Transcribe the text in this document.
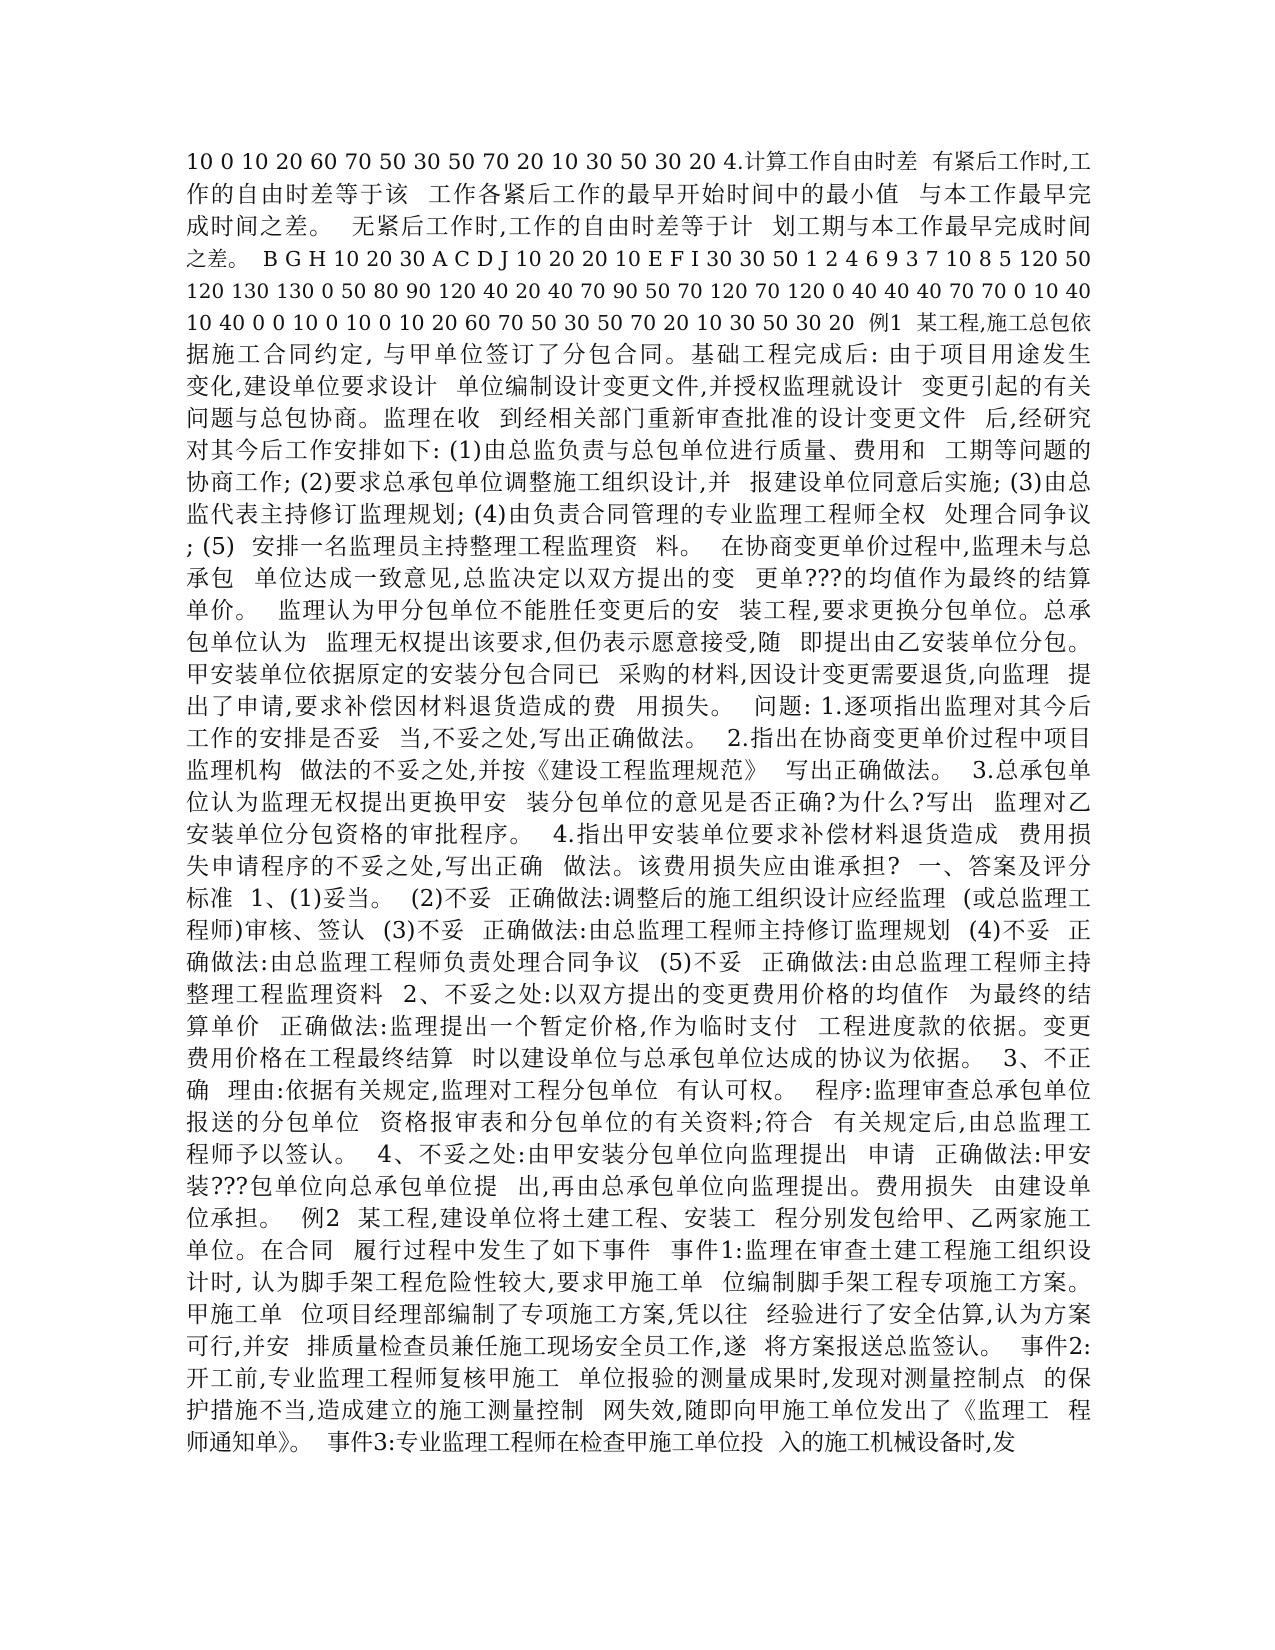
10 0 10 20 60 70 50 30 50 70 20 10 30 50 30 20 4.计算工作自由时差  有紧后工作时,工
作的自由时差等于该  工作各紧后工作的最早开始时间中的最小值  与本工作最早完
成时间之差。  无紧后工作时,工作的自由时差等于计  划工期与本工作最早完成时间
之差。  B G H 10 20 30 A C D J 10 20 20 10 E F I 30 30 50 1 2 4 6 9 3 7 10 8 5 120 50
120 130 130 0 50 80 90 120 40 20 40 70 90 50 70 120 70 120 0 40 40 40 70 70 0 10 40
10 40 0 0 10 0 10 0 10 20 60 70 50 30 50 70 20 10 30 50 30 20  例1  某工程,施工总包依
据施工合同约定, 与甲单位签订了分包合同。基础工程完成后: 由于项目用途发生
变化,建设单位要求设计  单位编制设计变更文件,并授权监理就设计  变更引起的有关
问题与总包协商。监理在收  到经相关部门重新审查批准的设计变更文件  后,经研究
对其今后工作安排如下: (1)由总监负责与总包单位进行质量、费用和  工期等问题的
协商工作; (2)要求总承包单位调整施工组织设计,并  报建设单位同意后实施; (3)由总
监代表主持修订监理规划; (4)由负责合同管理的专业监理工程师全权  处理合同争议
; (5)  安排一名监理员主持整理工程监理资  料。  在协商变更单价过程中,监理未与总
承包  单位达成一致意见,总监决定以双方提出的变  更单???的均值作为最终的结算
单价。  监理认为甲分包单位不能胜任变更后的安  装工程,要求更换分包单位。总承
包单位认为  监理无权提出该要求,但仍表示愿意接受,随  即提出由乙安装单位分包。
甲安装单位依据原定的安装分包合同已  采购的材料,因设计变更需要退货,向监理  提
出了申请,要求补偿因材料退货造成的费  用损失。  问题: 1.逐项指出监理对其今后
工作的安排是否妥  当,不妥之处,写出正确做法。  2.指出在协商变更单价过程中项目
监理机构  做法的不妥之处,并按《建设工程监理规范》  写出正确做法。  3.总承包单
位认为监理无权提出更换甲安  装分包单位的意见是否正确?为什么?写出  监理对乙
安装单位分包资格的审批程序。  4.指出甲安装单位要求补偿材料退货造成  费用损
失申请程序的不妥之处,写出正确  做法。该费用损失应由谁承担?  一、答案及评分
标准  1、(1)妥当。  (2)不妥  正确做法:调整后的施工组织设计应经监理  (或总监理工
程师)审核、签认  (3)不妥  正确做法:由总监理工程师主持修订监理规划  (4)不妥  正
确做法:由总监理工程师负责处理合同争议  (5)不妥  正确做法:由总监理工程师主持
整理工程监理资料  2、不妥之处:以双方提出的变更费用价格的均值作  为最终的结
算单价  正确做法:监理提出一个暂定价格,作为临时支付  工程进度款的依据。变更
费用价格在工程最终结算  时以建设单位与总承包单位达成的协议为依据。  3、不正
确  理由:依据有关规定,监理对工程分包单位  有认可权。  程序:监理审查总承包单位
报送的分包单位  资格报审表和分包单位的有关资料;符合  有关规定后,由总监理工
程师予以签认。  4、不妥之处:由甲安装分包单位向监理提出  申请  正确做法:甲安
装???包单位向总承包单位提  出,再由总承包单位向监理提出。费用损失  由建设单
位承担。  例2  某工程,建设单位将土建工程、安装工  程分别发包给甲、乙两家施工
单位。在合同  履行过程中发生了如下事件  事件1:监理在审查土建工程施工组织设
计时, 认为脚手架工程危险性较大,要求甲施工单  位编制脚手架工程专项施工方案。
甲施工单  位项目经理部编制了专项施工方案,凭以往  经验进行了安全估算,认为方案
可行,并安  排质量检查员兼任施工现场安全员工作,遂  将方案报送总监签认。  事件2:
开工前,专业监理工程师复核甲施工  单位报验的测量成果时,发现对测量控制点  的保
护措施不当,造成建立的施工测量控制  网失效,随即向甲施工单位发出了《监理工  程
师通知单》。  事件3:专业监理工程师在检查甲施工单位投  入的施工机械设备时,发
